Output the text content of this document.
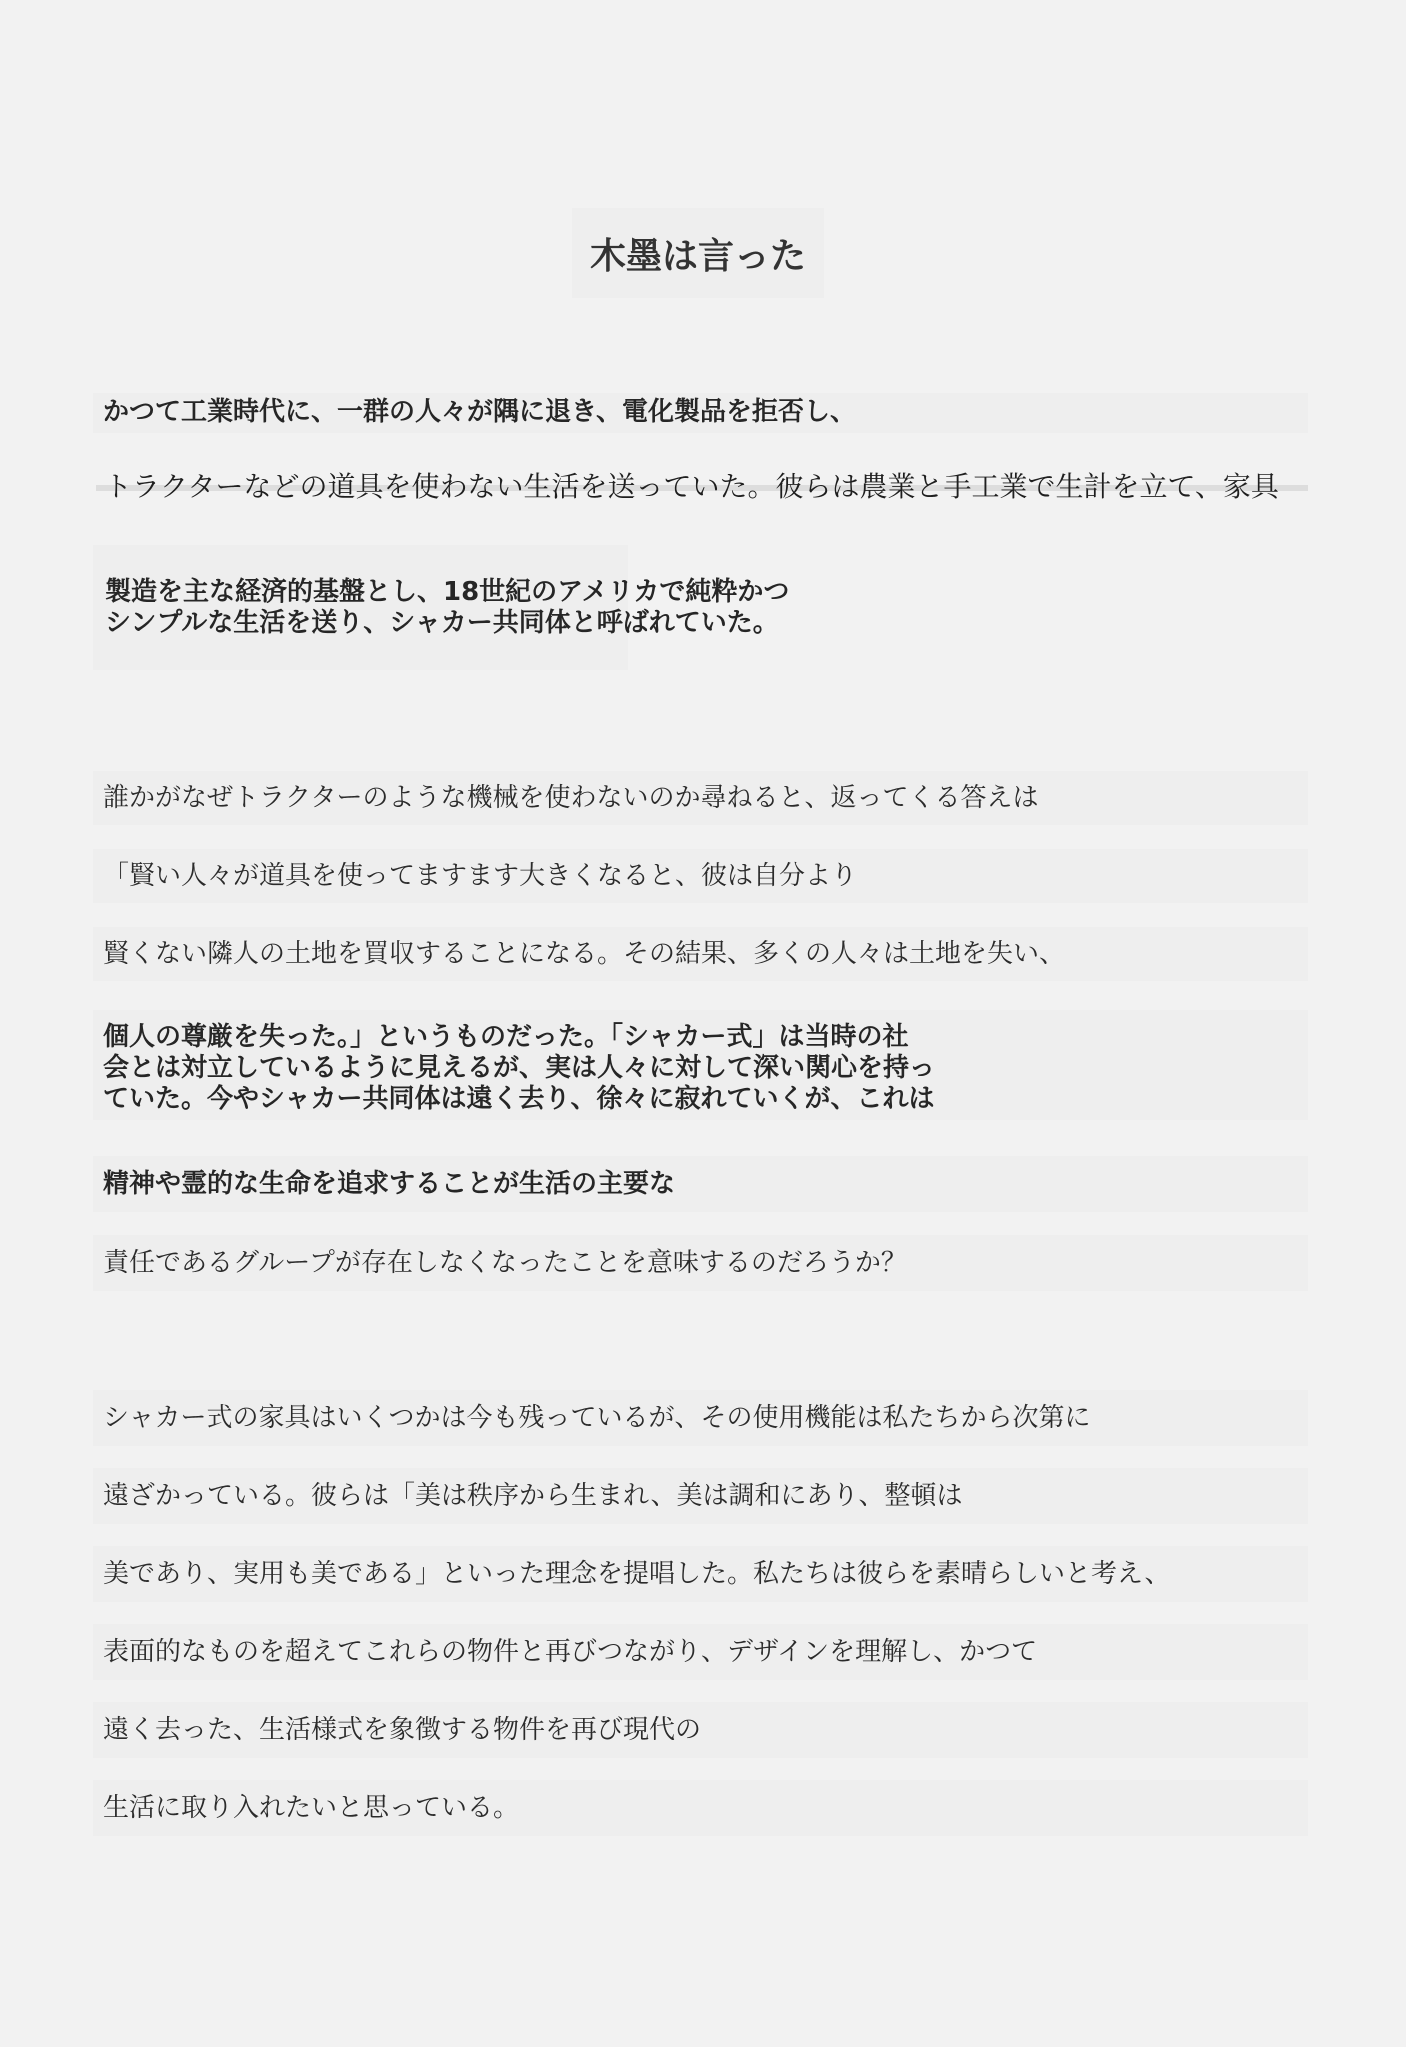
木墨は言った
かつて工業時代に、一群の人々が隅に退き、電化製品を拒否し、
トラクターなどの道具を使わない生活を送っていた。彼らは農業と手工業で生計を立て、家具
製造を主な経済的基盤とし、18世紀のアメリカで純粋かつ
シンプルな生活を送り、シャカー共同体と呼ばれていた。
誰かがなぜトラクターのような機械を使わないのか尋ねると、返ってくる答えは
「賢い人々が道具を使ってますます大きくなると、彼は自分より
賢くない隣人の土地を買収することになる。その結果、多くの人々は土地を失い、
個人の尊厳を失った。」というものだった。「シャカー式」は当時の社
会とは対立しているように見えるが、実は人々に対して深い関心を持っ
ていた。今やシャカー共同体は遠く去り、徐々に寂れていくが、これは
精神や霊的な生命を追求することが生活の主要な
責任であるグループが存在しなくなったことを意味するのだろうか？
シャカー式の家具はいくつかは今も残っているが、その使用機能は私たちから次第に
遠ざかっている。彼らは「美は秩序から生まれ、美は調和にあり、整頓は
美であり、実用も美である」といった理念を提唱した。私たちは彼らを素晴らしいと考え、
表面的なものを超えてこれらの物件と再びつながり、デザインを理解し、かつて
遠く去った、生活様式を象徴する物件を再び現代の
生活に取り入れたいと思っている。
